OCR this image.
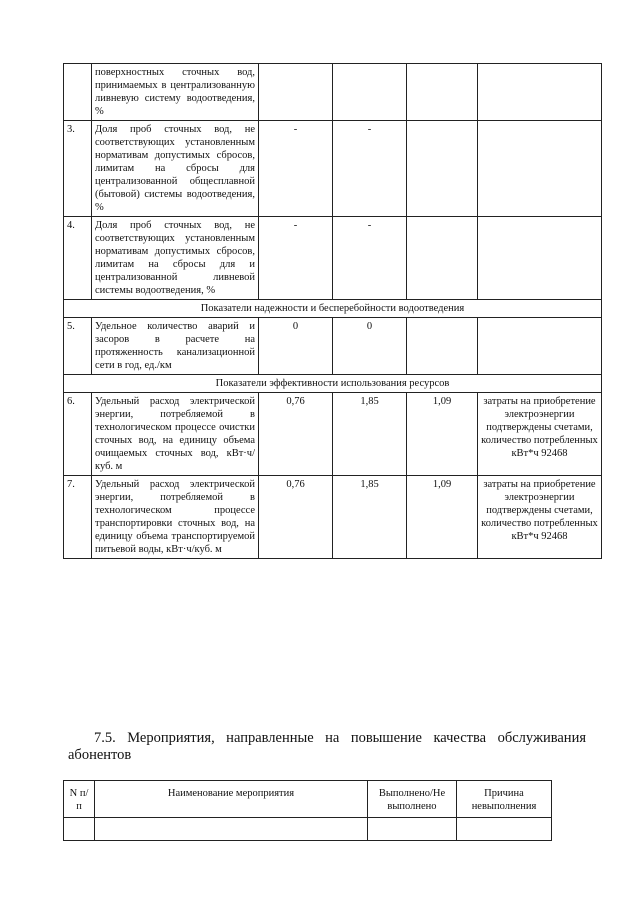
	поверхностных сточных вод, принимаемых в централизованную ливневую систему водоотведения, %				
3.	Доля проб сточных вод, не соответствующих установленным нормативам допустимых сбросов, лимитам на сбросы для централизованной общесплавной (бытовой) системы водоотведения, %	-	-		
4.	Доля проб сточных вод, не соответствующих установленным нормативам допустимых сбросов, лимитам на сбросы для и централизованной ливневой системы водоотведения, %	-	-		
Показатели надежности и бесперебойности водоотведения					
5.	Удельное количество аварий и засоров в расчете на протяженность канализационной сети в год, ед./км	0	0		
Показатели эффективности использования ресурсов					
6.	Удельный расход электрической энергии, потребляемой в технологическом процессе очистки сточных вод, на единицу объема очищаемых сточных вод, кВт·ч/куб. м	0,76	1,85	1,09	затраты на приобретение электроэнергии подтверждены счетами, количество потребленных кВт*ч 92468
7.	Удельный расход электрической энергии, потребляемой в технологическом процессе транспортировки сточных вод, на единицу объема транспортируемой питьевой воды, кВт·ч/куб. м	0,76	1,85	1,09	затраты на приобретение электроэнергии подтверждены счетами, количество потребленных кВт*ч 92468
7.5. Мероприятия, направленные на повышение качества обслуживания
абонентов
N п/п	Наименование мероприятия	Выполнено/Не выполнено	Причина невыполнения
